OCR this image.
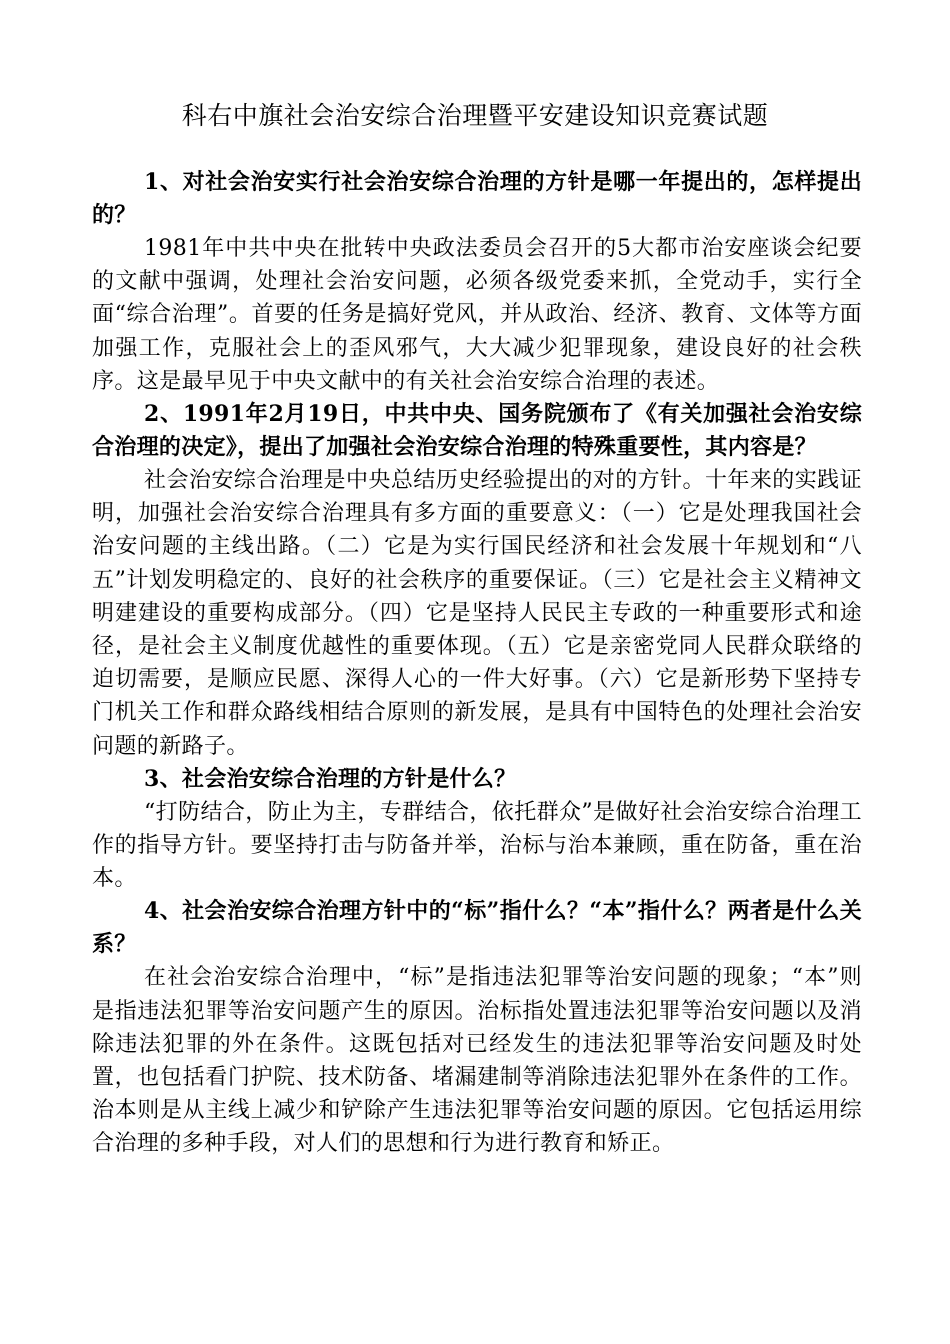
科右中旗社会治安综合治理暨平安建设知识竞赛试题

1、对社会治安实行社会治安综合治理的方针是哪一年提出的，怎样提出的？

1981年中共中央在批转中央政法委员会召开的5大都市治安座谈会纪要的文献中强调，处理社会治安问题，必须各级党委来抓，全党动手，实行全面“综合治理”。首要的任务是搞好党风，并从政治、经济、教育、文体等方面加强工作，克服社会上的歪风邪气，大大减少犯罪现象，建设良好的社会秩序。这是最早见于中央文献中的有关社会治安综合治理的表述。

2、1991年2月19日，中共中央、国务院颁布了《有关加强社会治安综合治理的决定》，提出了加强社会治安综合治理的特殊重要性，其内容是？

社会治安综合治理是中央总结历史经验提出的对的方针。十年来的实践证明，加强社会治安综合治理具有多方面的重要意义：（一）它是处理我国社会治安问题的主线出路。（二）它是为实行国民经济和社会发展十年规划和“八五”计划发明稳定的、良好的社会秩序的重要保证。（三）它是社会主义精神文明建建设的重要构成部分。（四）它是坚持人民民主专政的一种重要形式和途径，是社会主义制度优越性的重要体现。（五）它是亲密党同人民群众联络的迫切需要，是顺应民愿、深得人心的一件大好事。（六）它是新形势下坚持专门机关工作和群众路线相结合原则的新发展，是具有中国特色的处理社会治安问题的新路子。

3、社会治安综合治理的方针是什么？

“打防结合，防止为主，专群结合，依托群众”是做好社会治安综合治理工作的指导方针。要坚持打击与防备并举，治标与治本兼顾，重在防备，重在治本。

4、社会治安综合治理方针中的“标”指什么？“本”指什么？两者是什么关系？

在社会治安综合治理中，“标”是指违法犯罪等治安问题的现象；“本”则是指违法犯罪等治安问题产生的原因。治标指处置违法犯罪等治安问题以及消除违法犯罪的外在条件。这既包括对已经发生的违法犯罪等治安问题及时处置，也包括看门护院、技术防备、堵漏建制等消除违法犯罪外在条件的工作。治本则是从主线上减少和铲除产生违法犯罪等治安问题的原因。它包括运用综合治理的多种手段，对人们的思想和行为进行教育和矫正。
